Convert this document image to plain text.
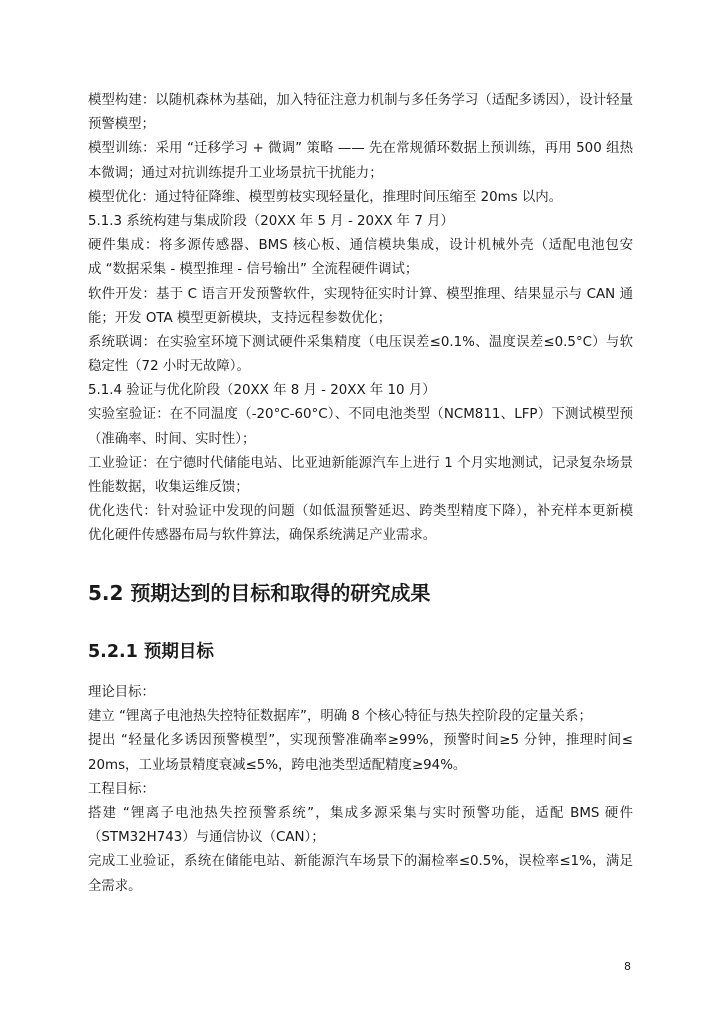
模型构建：以随机森林为基础，加入特征注意力机制与多任务学习（适配多诱因），设计轻量
预警模型；
模型训练：采用 “迁移学习 + 微调” 策略 —— 先在常规循环数据上预训练，再用 500 组热
本微调；通过对抗训练提升工业场景抗干扰能力；
模型优化：通过特征降维、模型剪枝实现轻量化，推理时间压缩至 20ms 以内。
5.1.3 系统构建与集成阶段（20XX 年 5 月 - 20XX 年 7 月）
硬件集成：将多源传感器、BMS 核心板、通信模块集成，设计机械外壳（适配电池包安
成 “数据采集 - 模型推理 - 信号输出” 全流程硬件调试；
软件开发：基于 C 语言开发预警软件，实现特征实时计算、模型推理、结果显示与 CAN 通
能；开发 OTA 模型更新模块，支持远程参数优化；
系统联调：在实验室环境下测试硬件采集精度（电压误差≤0.1%、温度误差≤0.5°C）与软
稳定性（72 小时无故障）。
5.1.4 验证与优化阶段（20XX 年 8 月 - 20XX 年 10 月）
实验室验证：在不同温度（-20°C-60°C）、不同电池类型（NCM811、LFP）下测试模型预
（准确率、时间、实时性）；
工业验证：在宁德时代储能电站、比亚迪新能源汽车上进行 1 个月实地测试，记录复杂场景
性能数据，收集运维反馈；
优化迭代：针对验证中发现的问题（如低温预警延迟、跨类型精度下降），补充样本更新模
优化硬件传感器布局与软件算法，确保系统满足产业需求。
5.2 预期达到的目标和取得的研究成果
5.2.1 预期目标
理论目标：
建立 “锂离子电池热失控特征数据库”，明确 8 个核心特征与热失控阶段的定量关系；
提出 “轻量化多诱因预警模型”，实现预警准确率≥99%，预警时间≥5 分钟，推理时间≤
20ms，工业场景精度衰减≤5%，跨电池类型适配精度≥94%。
工程目标：
搭建 “锂离子电池热失控预警系统”，集成多源采集与实时预警功能，适配 BMS 硬件
（STM32H743）与通信协议（CAN）；
完成工业验证，系统在储能电站、新能源汽车场景下的漏检率≤0.5%，误检率≤1%，满足
全需求。
8
